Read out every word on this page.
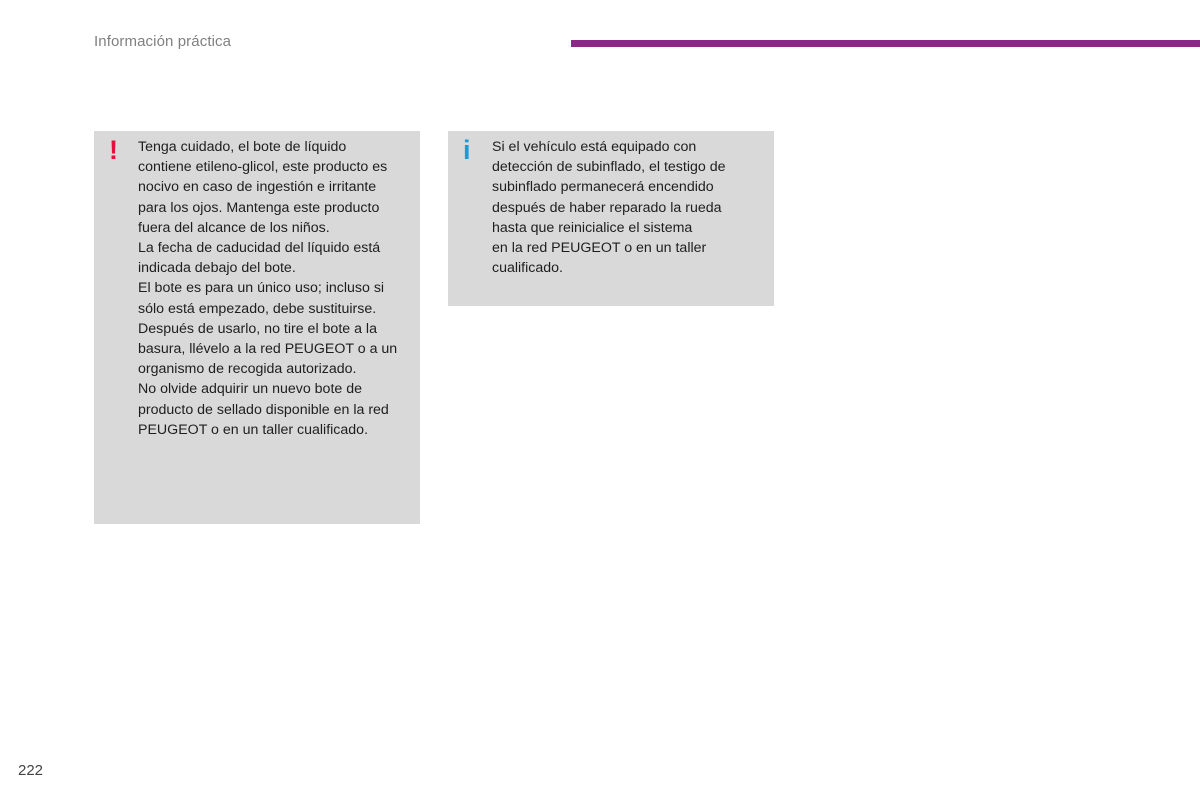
Información práctica
! Tenga cuidado, el bote de líquido
contiene etileno-glicol, este producto es
nocivo en caso de ingestión e irritante
para los ojos. Mantenga este producto
fuera del alcance de los niños.
La fecha de caducidad del líquido está
indicada debajo del bote.
El bote es para un único uso; incluso si
sólo está empezado, debe sustituirse.
Después de usarlo, no tire el bote a la
basura, llévelo a la red PEUGEOT o a un
organismo de recogida autorizado.
No olvide adquirir un nuevo bote de
producto de sellado disponible en la red
PEUGEOT o en un taller cualificado.

i Si el vehículo está equipado con
detección de subinflado, el testigo de
subinflado permanecerá encendido
después de haber reparado la rueda
hasta que reinicialice el sistema
en la red PEUGEOT o en un taller
cualificado.

222
